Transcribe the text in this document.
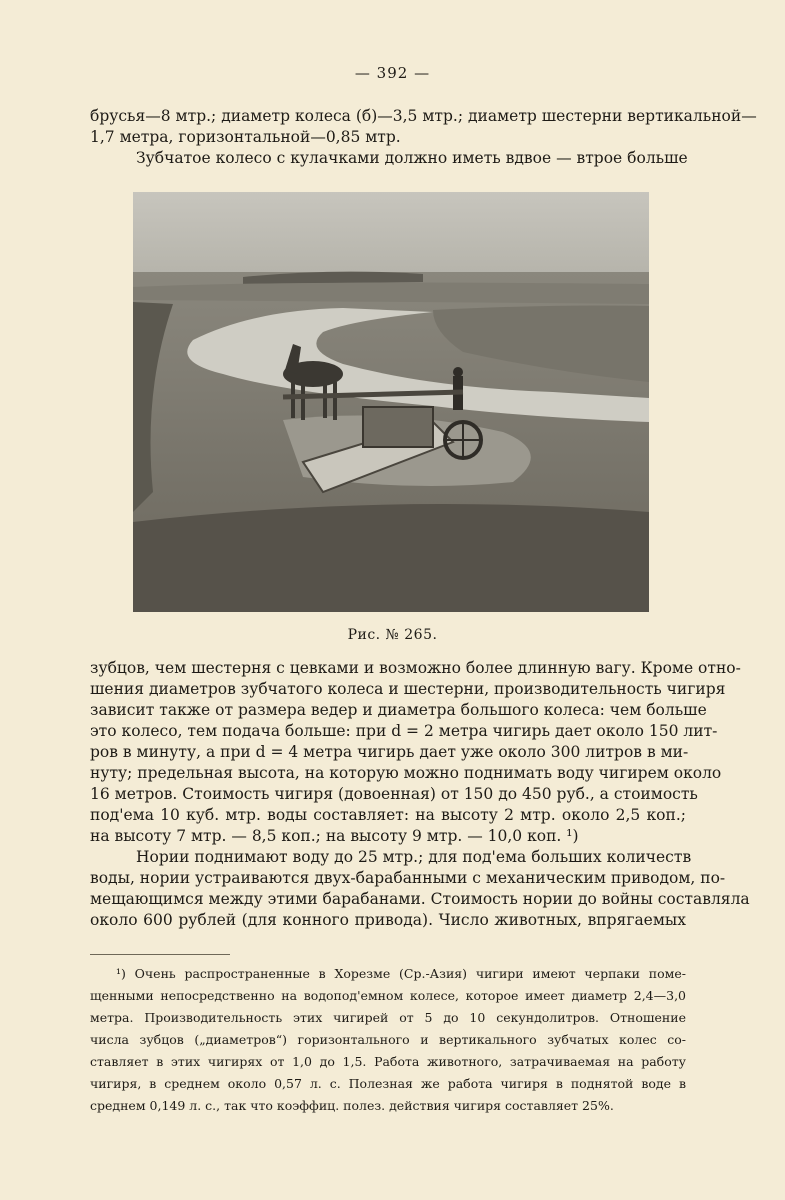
— 392 —
брусья—8 мтр.; диаметр колеса (б)—3,5 мтр.; диаметр шестерни вертикальной—
1,7 метра, горизонтальной—0,85 мтр.
Зубчатое колесо с кулачками должно иметь вдвое — втрое больше
Рис. № 265.
зубцов, чем шестерня с цевками и возможно более длинную вагу. Кроме отно-
шения диаметров зубчатого колеса и шестерни, производительность чигиря
зависит также от размера ведер и диаметра большого колеса: чем больше
это колесо, тем подача больше: при d = 2 метра чигирь дает около 150 лит-
ров в минуту, а при d = 4 метра чигирь дает уже около 300 литров в ми-
нуту; предельная высота, на которую можно поднимать воду чигирем около
16 метров. Стоимость чигиря (довоенная) от 150 до 450 руб., а стоимость
под'ема 10 куб. мтр. воды составляет: на высоту 2 мтр. около 2,5 коп.;
на высоту 7 мтр. — 8,5 коп.; на высоту 9 мтр. — 10,0 коп. ¹)
Нории поднимают воду до 25 мтр.; для под'ема больших количеств
воды, нории устраиваются двух-барабанными с механическим приводом, по-
мещающимся между этими барабанами. Стоимость нории до войны составляла
около 600 рублей (для конного привода). Число животных, впрягаемых
¹) Очень распространенные в Хорезме (Ср.-Азия) чигири имеют черпаки поме-
щенными непосредственно на водопод'емном колесе, которое имеет диаметр 2,4—3,0
метра. Производительность этих чигирей от 5 до 10 секундолитров. Отношение
числа зубцов („диаметров“) горизонтального и вертикального зубчатых колес со-
ставляет в этих чигирях от 1,0 до 1,5. Работа животного, затрачиваемая на работу
чигиря, в среднем около 0,57 л. с. Полезная же работа чигиря в поднятой воде в
среднем 0,149 л. с., так что коэффиц. полез. действия чигиря составляет 25%.
